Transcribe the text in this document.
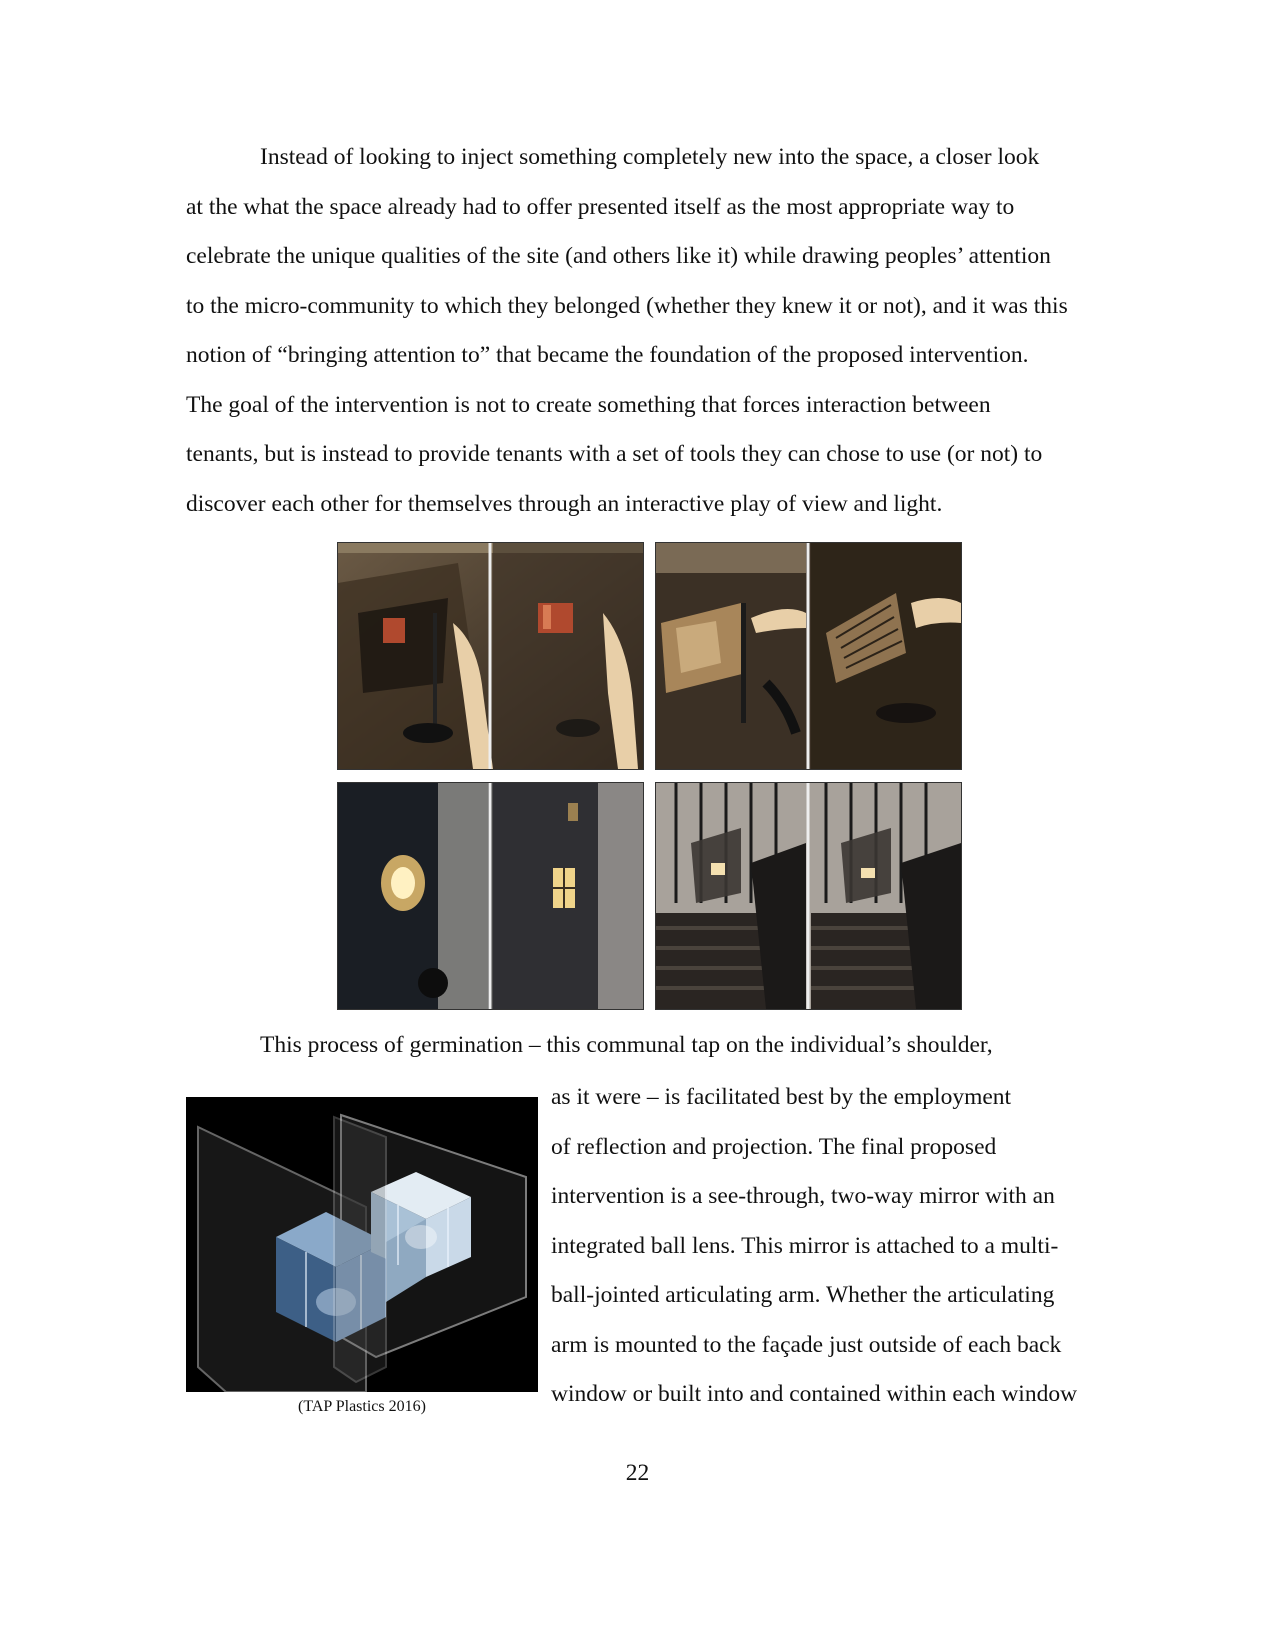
Instead of looking to inject something completely new into the space, a closer look
at the what the space already had to offer presented itself as the most appropriate way to
celebrate the unique qualities of the site (and others like it) while drawing peoples’ attention
to the micro-community to which they belonged (whether they knew it or not), and it was this
notion of “bringing attention to” that became the foundation of the proposed intervention.
The goal of the intervention is not to create something that forces interaction between
tenants, but is instead to provide tenants with a set of tools they can chose to use (or not) to
discover each other for themselves through an interactive play of view and light.
This process of germination – this communal tap on the individual’s shoulder,
(TAP Plastics 2016)
as it were – is facilitated best by the employment
of reflection and projection. The final proposed
intervention is a see-through, two-way mirror with an
integrated ball lens. This mirror is attached to a multi-
ball-jointed articulating arm. Whether the articulating
arm is mounted to the façade just outside of each back
window or built into and contained within each window
22
